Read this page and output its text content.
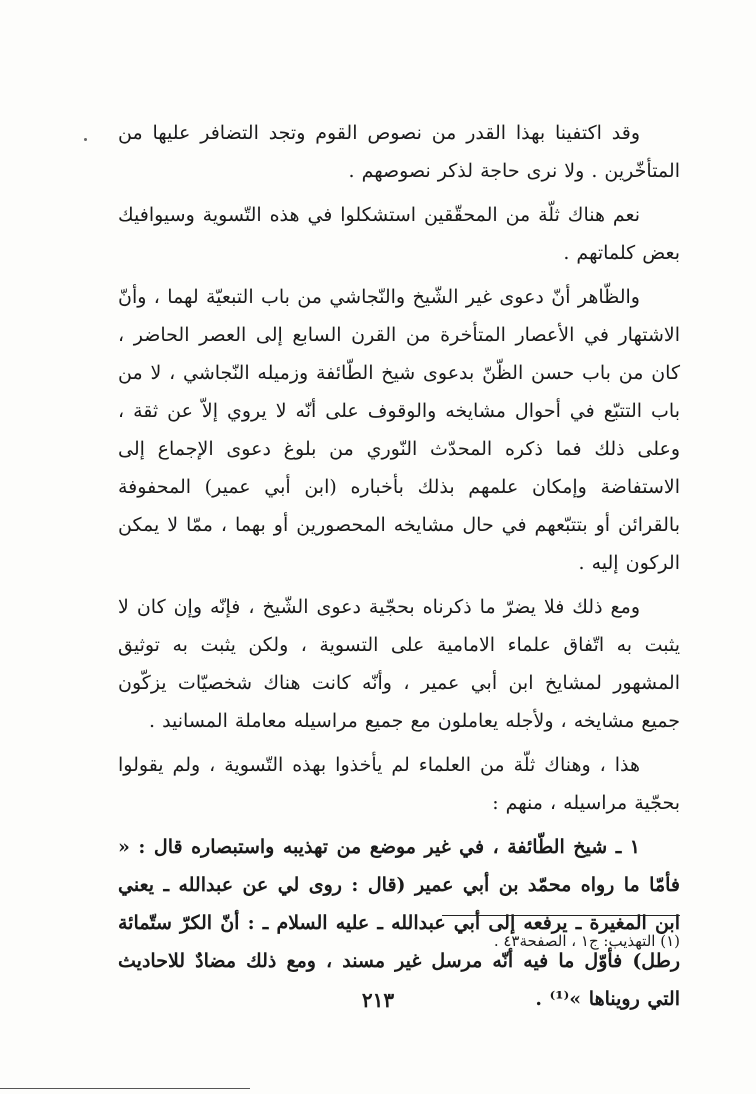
وقد اكتفينا بهذا القدر من نصوص القوم وتجد التضافر عليها من المتأخّرين . ولا نرى حاجة لذكر نصوصهم .

نعم هناك ثلّة من المحقّقين استشكلوا في هذه التّسوية وسيوافيك بعض كلماتهم .

والظّاهر أنّ دعوى غير الشّيخ والنّجاشي من باب التبعيّة لهما ، وأنّ الاشتهار في الأعصار المتأخرة من القرن السابع إلى العصر الحاضر ، كان من باب حسن الظّنّ بدعوى شيخ الطّائفة وزميله النّجاشي ، لا من باب التتبّع في أحوال مشايخه والوقوف على أنّه لا يروي إلاّ عن ثقة ، وعلى ذلك فما ذكره المحدّث النّوري من بلوغ دعوى الإجماع إلى الاستفاضة وإمكان علمهم بذلك بأخباره (ابن أبي عمير) المحفوفة بالقرائن أو بتتبّعهم في حال مشايخه المحصورين أو بهما ، ممّا لا يمكن الركون إليه .

ومع ذلك فلا يضرّ ما ذكرناه بحجّية دعوى الشّيخ ، فإنّه وإن كان لا يثبت به اتّفاق علماء الامامية على التسوية ، ولكن يثبت به توثيق المشهور لمشايخ ابن أبي عمير ، وأنّه كانت هناك شخصيّات يزكّون جميع مشايخه ، ولأجله يعاملون مع جميع مراسيله معاملة المسانيد .

هذا ، وهناك ثلّة من العلماء لم يأخذوا بهذه التّسوية ، ولم يقولوا بحجّية مراسيله ، منهم :

١ ـ شيخ الطّائفة ، في غير موضع من تهذيبه واستبصاره قال : « فأمّا ما رواه محمّد بن أبي عمير (قال : روى لي عن عبدالله ـ يعني ابن المغيرة ـ يرفعه إلى أبي عبدالله ـ عليه السلام ـ : أنّ الكرّ ستّمائة رطل) فأوّل ما فيه أنّه مرسل غير مسند ، ومع ذلك مضادٌ للاحاديث التي رويناها »⁽¹⁾ .

(١) التهذيب: ج١ ، الصفحة٤٣ .
٢١٣
